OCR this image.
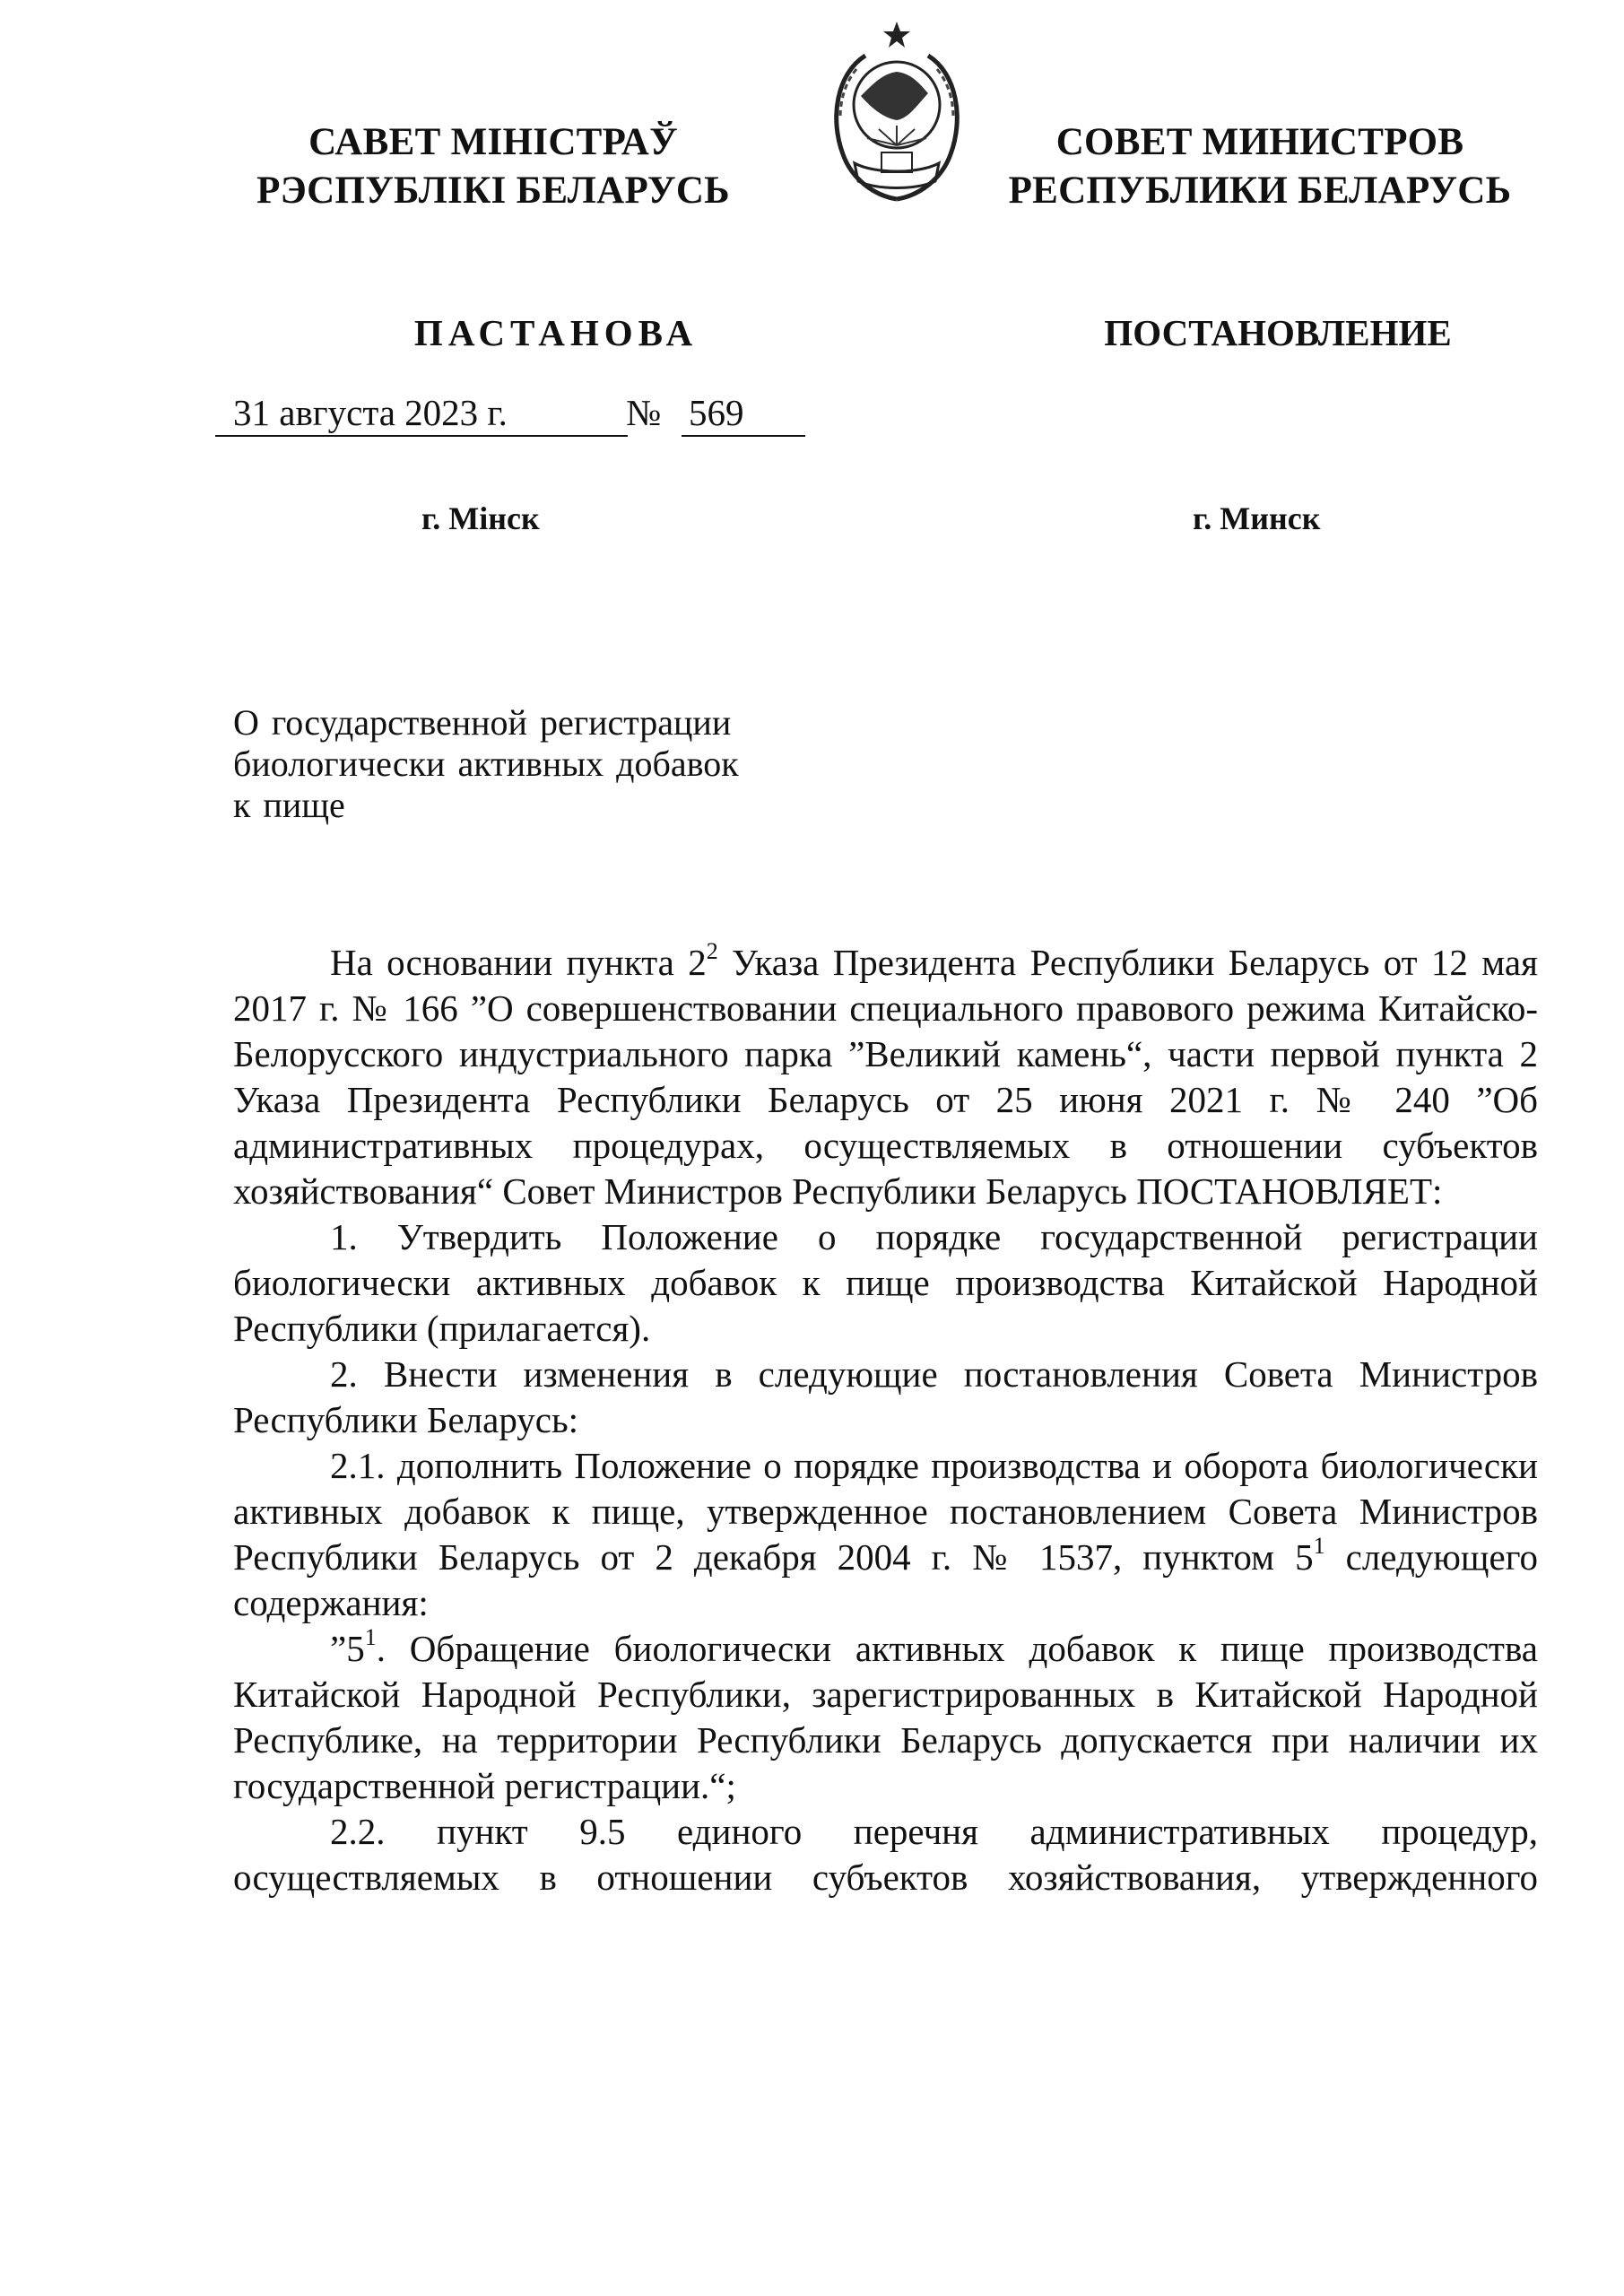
САВЕТ МІНІСТРАЎ
РЭСПУБЛІКІ БЕЛАРУСЬ
СОВЕТ МИНИСТРОВ
РЕСПУБЛИКИ БЕЛАРУСЬ
ПАСТАНОВА	ПОСТАНОВЛЕНИЕ
31 августа 2023 г.	№ 569
г. Мінск	г. Минск
О государственной регистрации
биологически активных добавок
к пище

На основании пункта $2^2$ Указа Президента Республики Беларусь от 12 мая 2017 г. № 166 ”О совершенствовании специального правового режима Китайско-Белорусского индустриального парка ”Великий камень“, части первой пункта 2 Указа Президента Республики Беларусь от 25 июня 2021 г. № 240 ”Об административных процедурах, осуществляемых в отношении субъектов хозяйствования“ Совет Министров Республики Беларусь ПОСТАНОВЛЯЕТ:

1. Утвердить Положение о порядке государственной регистрации биологически активных добавок к пище производства Китайской Народной Республики (прилагается).

2. Внести изменения в следующие постановления Совета Министров Республики Беларусь:

2.1. дополнить Положение о порядке производства и оборота биологически активных добавок к пище, утвержденное постановлением Совета Министров Республики Беларусь от 2 декабря 2004 г. № 1537, пунктом $5^1$ следующего содержания:

$”5^1$. Обращение биологически активных добавок к пище производства Китайской Народной Республики, зарегистрированных в Китайской Народной Республике, на территории Республики Беларусь допускается при наличии их государственной регистрации.“;

2.2. пункт 9.5 единого перечня административных процедур, осуществляемых в отношении субъектов хозяйствования, утвержденного
